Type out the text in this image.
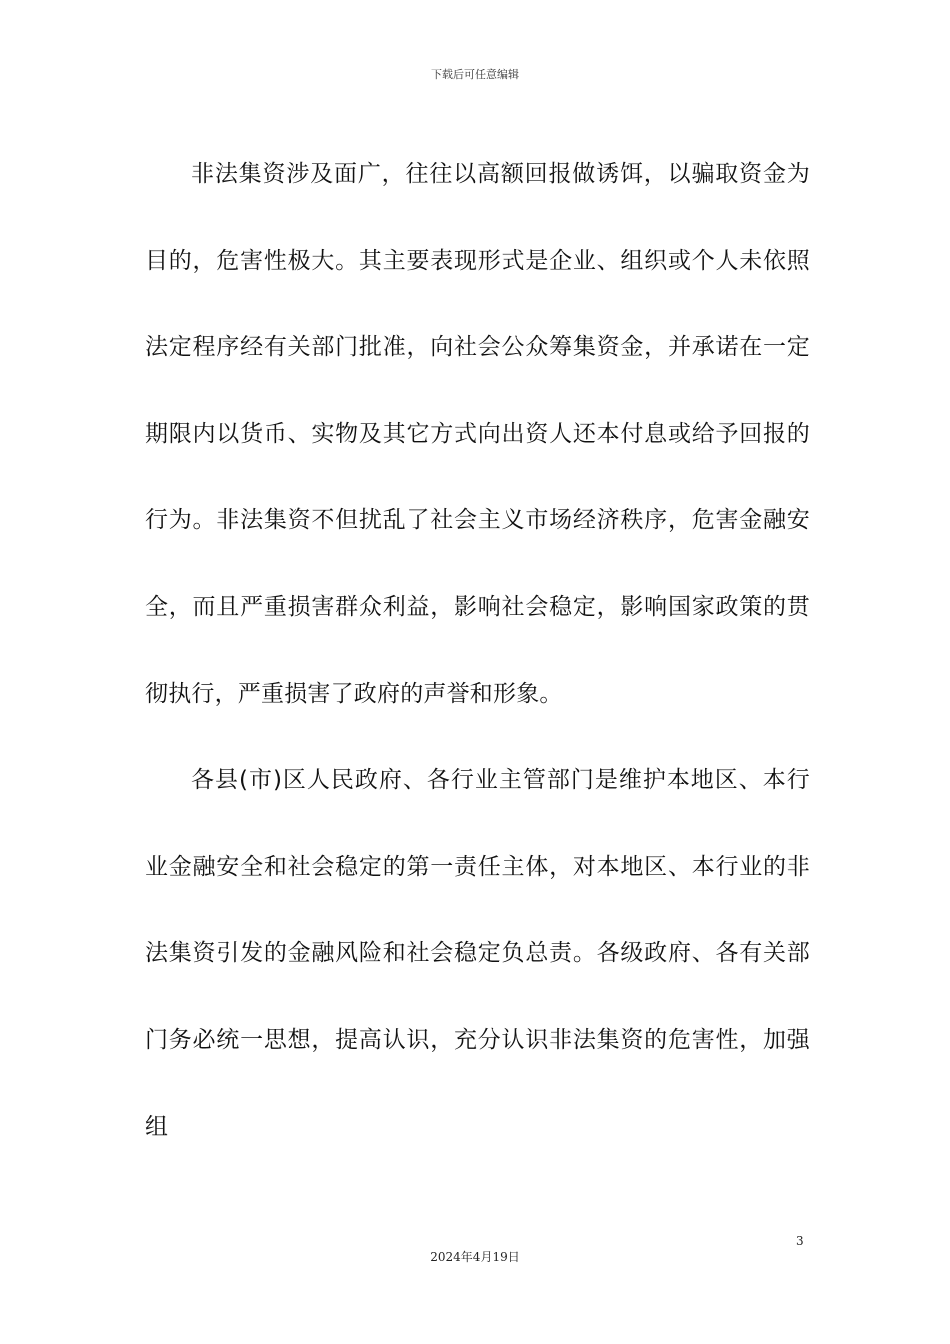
下载后可任意编辑

非法集资涉及面广，往往以高额回报做诱饵，以骗取资金为目的，危害性极大。其主要表现形式是企业、组织或个人未依照法定程序经有关部门批准，向社会公众筹集资金，并承诺在一定期限内以货币、实物及其它方式向出资人还本付息或给予回报的行为。非法集资不但扰乱了社会主义市场经济秩序，危害金融安全，而且严重损害群众利益，影响社会稳定，影响国家政策的贯彻执行，严重损害了政府的声誉和形象。

各县(市)区人民政府、各行业主管部门是维护本地区、本行业金融安全和社会稳定的第一责任主体，对本地区、本行业的非法集资引发的金融风险和社会稳定负总责。各级政府、各有关部门务必统一思想，提高认识，充分认识非法集资的危害性，加强组

3
2024年4月19日
